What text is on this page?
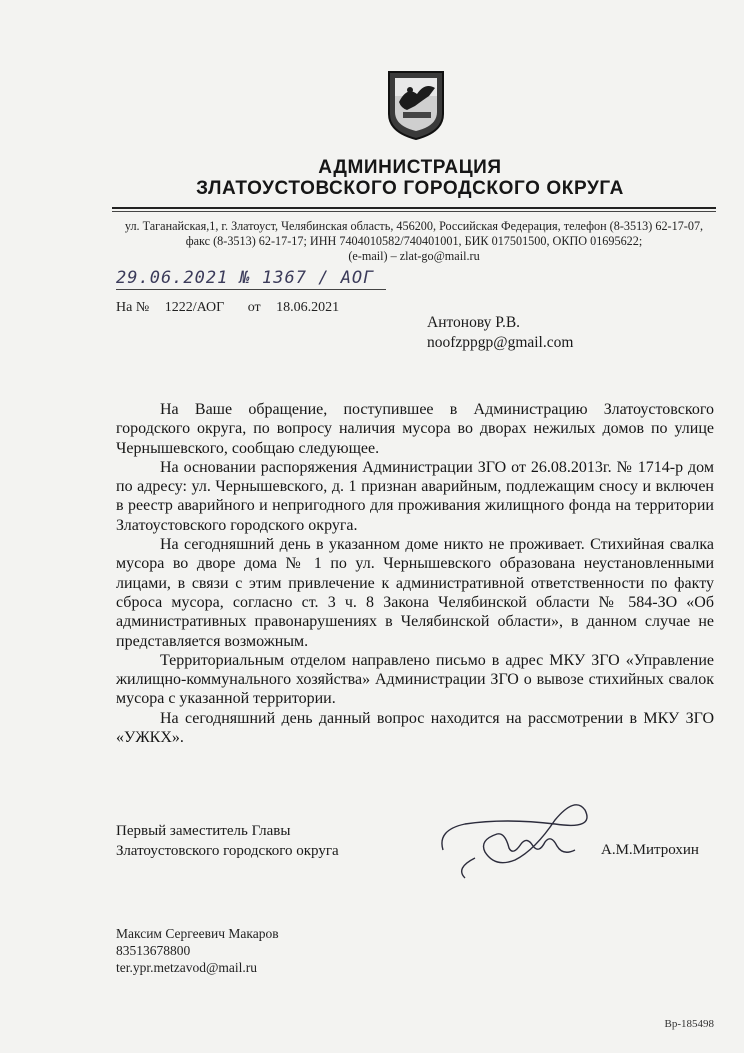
АДМИНИСТРАЦИЯ
ЗЛАТОУСТОВСКОГО ГОРОДСКОГО ОКРУГА
ул. Таганайская,1, г. Златоуст, Челябинская область, 456200, Российская Федерация, телефон (8-3513) 62-17-07,
факс (8-3513) 62-17-17; ИНН 7404010582/740401001, БИК 017501500, ОКПО 01695622;
(e-mail) – zlat-go@mail.ru
29.06.2021 № 1367 / АОГ
На № 1222/АОГ от 18.06.2021
Антонову Р.В.
noofzppgp@gmail.com

На Ваше обращение, поступившее в Администрацию Златоустовского городского округа, по вопросу наличия мусора во дворах нежилых домов по улице Чернышевского, сообщаю следующее.

На основании распоряжения Администрации ЗГО от 26.08.2013г. № 1714-р дом по адресу: ул. Чернышевского, д. 1 признан аварийным, подлежащим сносу и включен в реестр аварийного и непригодного для проживания жилищного фонда на территории Златоустовского городского округа.

На сегодняшний день в указанном доме никто не проживает. Стихийная свалка мусора во дворе дома № 1 по ул. Чернышевского образована неустановленными лицами, в связи с этим привлечение к административной ответственности по факту сброса мусора, согласно ст. 3 ч. 8 Закона Челябинской области № 584-ЗО «Об административных правонарушениях в Челябинской области», в данном случае не представляется возможным.

Территориальным отделом направлено письмо в адрес МКУ ЗГО «Управление жилищно-коммунального хозяйства» Администрации ЗГО о вывозе стихийных свалок мусора с указанной территории.

На сегодняшний день данный вопрос находится на рассмотрении в МКУ ЗГО «УЖКХ».

Первый заместитель Главы
Златоустовского городского округа	А.М.Митрохин
Максим Сергеевич Макаров
83513678800
ter.ypr.metzavod@mail.ru
Вр-185498
